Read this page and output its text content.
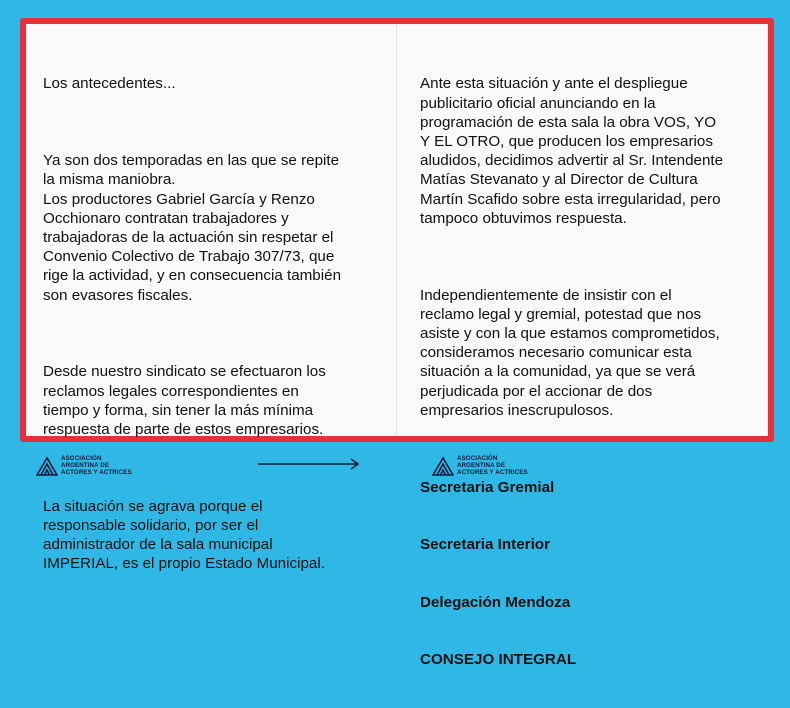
Los antecedentes...

Ya son dos temporadas en las que se repite
la misma maniobra.
Los productores Gabriel García y Renzo
Occhionaro contratan trabajadores y
trabajadoras de la actuación sin respetar el
Convenio Colectivo de Trabajo 307/73, que
rige la actividad, y en consecuencia también
son evasores fiscales.

Desde nuestro sindicato se efectuaron los
reclamos legales correspondientes en
tiempo y forma, sin tener la más mínima
respuesta de parte de estos empresarios.

La situación se agrava porque el
responsable solidario, por ser el
administrador de la sala municipal
IMPERIAL, es el propio Estado Municipal.

Ante esta situación y ante el despliegue
publicitario oficial anunciando en la
programación de esta sala la obra VOS, YO
Y EL OTRO, que producen los empresarios
aludidos, decidimos advertir al Sr. Intendente
Matías Stevanato y al Director de Cultura
Martín Scafido sobre esta irregularidad, pero
tampoco obtuvimos respuesta.

Independientemente de insistir con el
reclamo legal y gremial, potestad que nos
asiste y con la que estamos comprometidos,
consideramos necesario comunicar esta
situación a la comunidad, ya que se verá
perjudicada por el accionar de dos
empresarios inescrupulosos.

Secretaria Gremial

Secretaria Interior

Delegación Mendoza

CONSEJO INTEGRAL

ASOCIACIÓN ARGENTINA DE
ACTORES Y ACTRICES
ASOCIACIÓN ARGENTINA DE
ACTORES Y ACTRICES
